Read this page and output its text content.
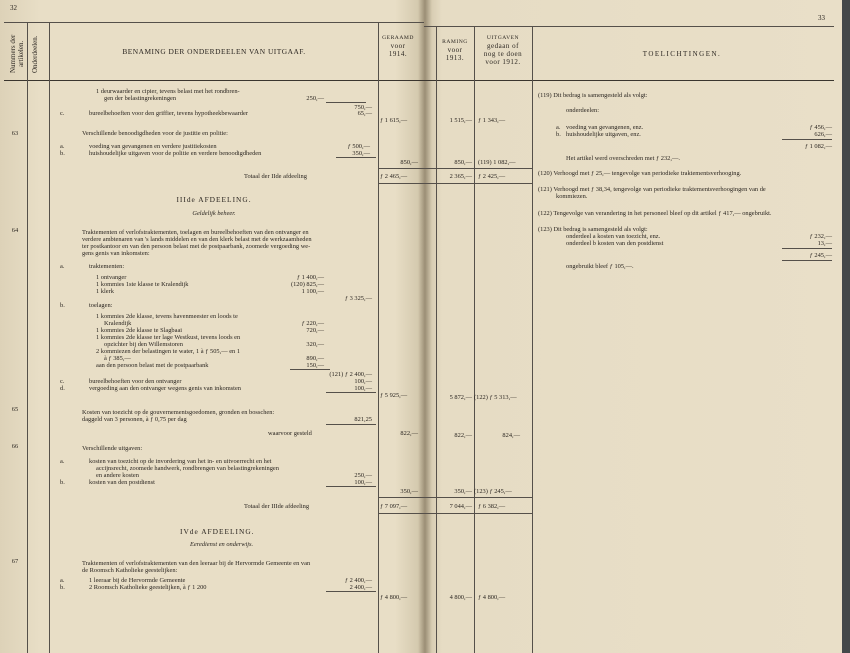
32
33
Nummers der artikelen. Onderdeelen.	BENAMING DER ONDERDEELEN VAN UITGAAF.
GERAAMD
voor
1914.
RAMING
voor
1913.
UITGAVEN
gedaan of
nog te doen
voor 1912.
TOELICHTINGEN.
1 deurwaarder en cipier, tevens belast met het rondbren-
gen der belastingrekeningen	250,—
750,—
c.	bureelbehoeften voor den griffier, tevens hypotheekbewaarder	65,—
ƒ 1 615,—	1 515,— ƒ 1 343,—
63	Verschillende benoodigdheden voor de justitie en politie:
a.	voeding van gevangenen en verdere justitiekosten	ƒ 500,—
b.	huishoudelijke uitgaven voor de politie en verdere benoodigdheden	350,—
850,—	850,— (119) 1 082,—
Totaal der IIde afdeeling	ƒ 2 465,—	2 365,— ƒ 2 425,—
IIIde AFDEELING.
Geldelijk beheer.
64	Traktementen of verlofstraktementen, toelagen en bureelbehoeften van den ontvanger en
verdere ambtenaren van 's lands middelen en van den klerk belast met de werkzaamheden
ter postkantoor en van den persoon belast met de postpaarbank, zoomede vergoeding we-
gens genis van inkomsten:
a.	traktementen:
1 ontvanger	ƒ 1 400,—
1 kommies 1ste klasse te Kralendijk	(120) 825,—
1 klerk	1 100,—
ƒ 3 325,—
b.	toelagen:
1 kommies 2de klasse, tevens havenmeester en loods te
Kralendijk	ƒ 220,—
1 kommies 2de klasse te Slagbaai	720,—
1 kommies 2de klasse ter lage Westkust, tevens loods en
opzichter bij den Willemstoren	320,—
2 kommiezen der belastingen te water, 1 à ƒ 505,— en 1
à ƒ 385,—	890,—
aan den persoon belast met de postpaarbank	150,—
(121) ƒ 2 400,—
c.	bureelbehoeften voor den ontvanger	100,—
d.	vergoeding aan den ontvanger wegens genis van inkomsten	100,—
ƒ 5 925,—	5 872,— (122) ƒ 5 313,—
65	Kosten van toezicht op de gouvernementsgoedomen, gronden en bosschen:
daggeld van 3 personen, à ƒ 0,75 per dag	821,25
waarvoor gesteld	822,—	822,—	824,—
66	Verschillende uitgaven:
a.	kosten van toezicht op de invordering van het in- en uitvoerrecht en het
accijnsrecht, zoomede handwerk, rondbrengen van belastingrekeningen
en andere kosten	250,—
b.	kosten van den postdienst	100,—
350,—	350,— (123) ƒ 245,—
Totaal der IIIde afdeeling	ƒ 7 097,—	7 044,— ƒ 6 382,—
IVde AFDEELING.
Eeredienst en onderwijs.
67	Traktementen of verlofstraktementen van den leeraar bij de Hervormde Gemeente en van
de Roomsch Katholieke geestelijken:
a.	1 leeraar bij de Hervormde Gemeente	ƒ 2 400,—
b.	2 Roomsch Katholieke geestelijken, à ƒ 1 200	2 400,—
ƒ 4 800,—	4 800,— ƒ 4 800,—
(119) Dit bedrag is samengesteld als volgt:
onderdeelen:
a. voeding van gevangenen, enz.	ƒ 456,—
b. huishoudelijke uitgaven, enz.	626,—
ƒ 1 082,—
Het artikel werd overschreden met ƒ 232,—.
(120) Verhoogd met ƒ 25,— tengevolge van periodieke traktementsverhooging.
(121) Verhoogd met ƒ 38,34, tengevolge van periodieke traktementsverhoogingen van de
kommiezen.
(122) Tengevolge van verandering in het personeel bleef op dit artikel ƒ 417,— ongebruikt.
(123) Dit bedrag is samengesteld als volgt:
onderdeel a kosten van toezicht, enz.	ƒ 232,—
onderdeel b kosten van den postdienst	13,—
ƒ 245,—
ongebruikt bleef ƒ 105,—.
